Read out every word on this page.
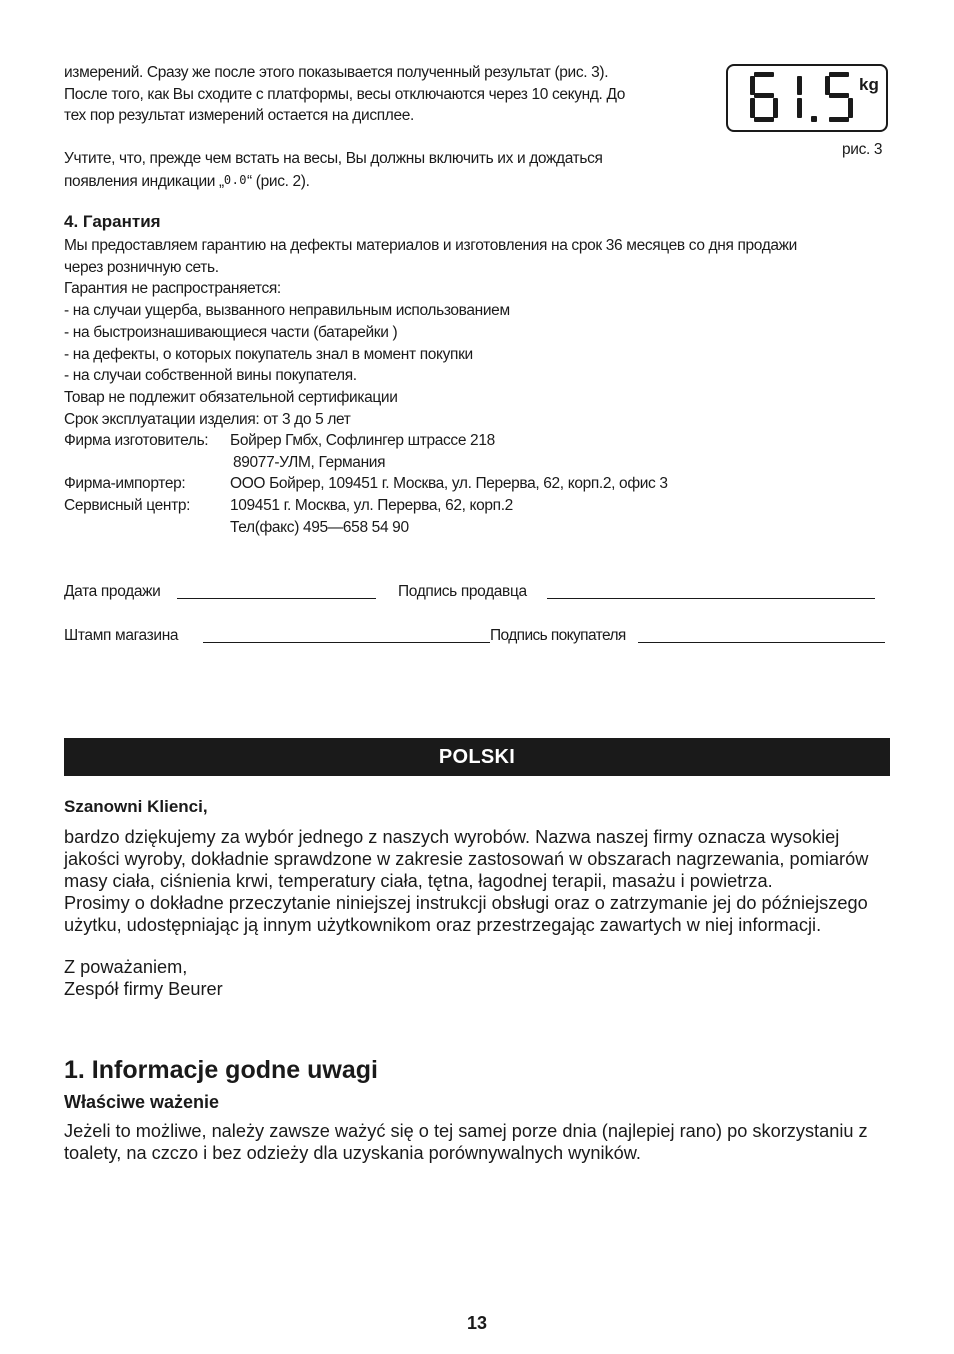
измерений. Сразу же после этого показывается полученный результат (рис. 3).
После того, как Вы сходите с платформы, весы отключаются через 10 секунд. До
тех пор результат измерений остается на дисплее.
Учтите, что, прежде чем встать на весы, Вы должны включить их и дождаться
появления индикации „0.0“ (рис. 2).
kg
рис. 3
4. Гарантия
Мы предоставляем гарантию на дефекты материалов и изготовления на срок 36 месяцев со дня продажи
через розничную сеть.
Гарантия не распространяется:
- на случаи ущерба, вызванного неправильным использованием
- на быстроизнашивающиеся части (батарейки )
- на дефекты, о которых покупатель знал в момент покупки
- на случаи собственной вины покупателя.
Товар не подлежит обязательной сертификации
Срок эксплуатации изделия: от 3 до 5 лет
Фирма изготовитель: Бойрер Гмбх, Софлингер штрассе 218
89077-УЛМ, Германия
Фирма-импортер:	ООО Бойрер, 109451 г. Москва, ул. Перерва, 62, корп.2, офис 3
Сервисный центр:	109451 г. Москва, ул. Перерва, 62, корп.2
Тел(факс) 495—658 54 90
Дата продажи	Подпись продавца
Штамп магазина	Подпись покупателя
POLSKI
Szanowni Klienci,
bardzo dziękujemy za wybór jednego z naszych wyrobów. Nazwa naszej firmy oznacza wysokiej
jakości wyroby, dokładnie sprawdzone w zakresie zastosowań w obszarach nagrzewania, pomiarów
masy ciała, ciśnienia krwi, temperatury ciała, tętna, łagodnej terapii, masażu i powietrza.
Prosimy o dokładne przeczytanie niniejszej instrukcji obsługi oraz o zatrzymanie jej do późniejszego
użytku, udostępniając ją innym użytkownikom oraz przestrzegając zawartych w niej informacji.
Z poważaniem,
Zespół firmy Beurer
1. Informacje godne uwagi
Właściwe ważenie
Jeżeli to możliwe, należy zawsze ważyć się o tej samej porze dnia (najlepiej rano) po skorzystaniu z
toalety, na czczo i bez odzieży dla uzyskania porównywalnych wyników.
13
